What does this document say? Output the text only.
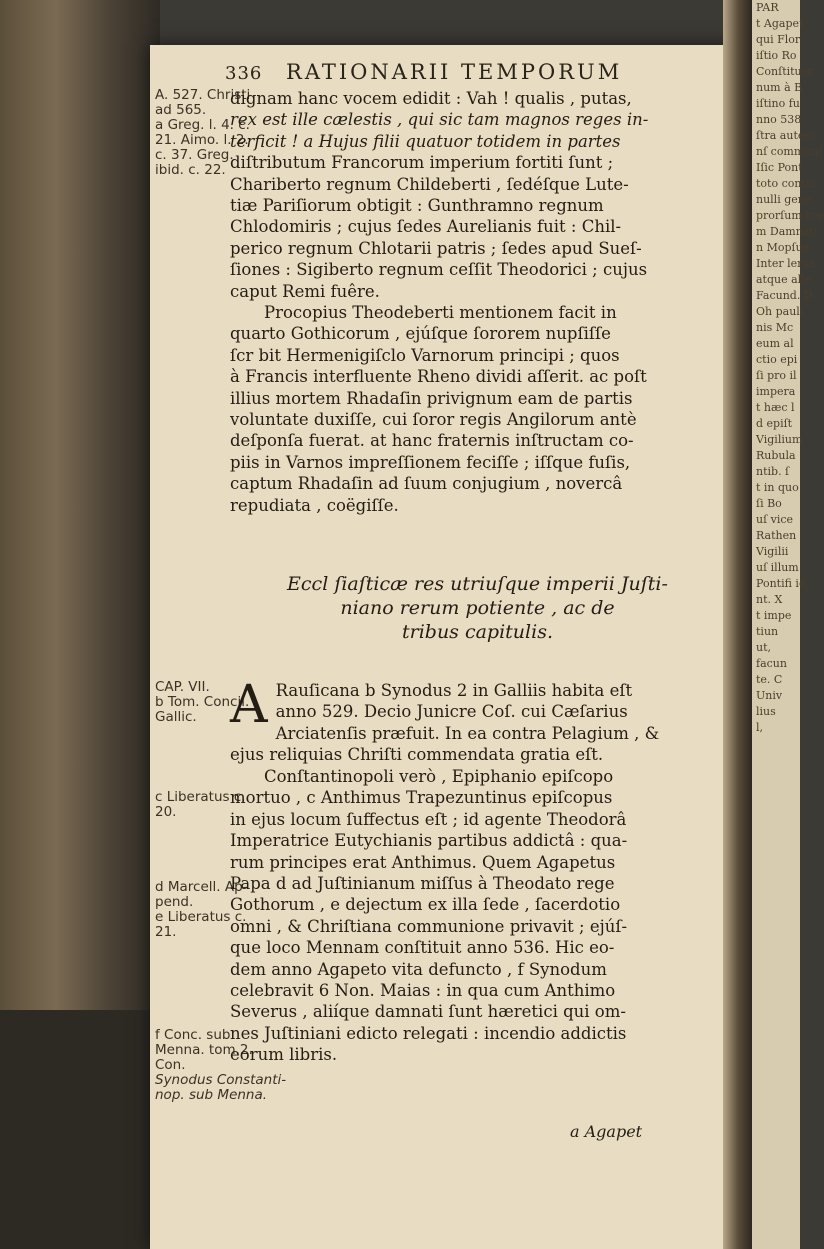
PAR
t Agapet
qui Flor
iſtio Ro
Conſtituer
num à B
iſtino fu
nno 538.
ſtra autem
nſ communi
Iſic Pont
toto contra
nulli gene
prorſum bre
m Damnati
n Mopſue
Inter lerun
atque alle
Facund. D
Oh pauli
nis Mc
eum al
ctio epi
ſi pro il
impera
t hæc l
d epiſt
Vigilium
Rubula
ntib. ſ
t in quo
ſi Bo
uſ vice
Rathen
Vigilii
uſ illum
Pontifi id
nt. X
t impe
tiun
ut,
facun
te. C
Univ
lius
l,
336 RATIONARII TEMPORUM
A. 527. Christi
ad 565.
a Greg. l. 4. c.
21. Aimo. l. 2.
c. 37. Greg.
ibid. c. 22.
CAP. VII.
b Tom. Concil.
Gallic.
c Liberatus c.
20.
d Marcell. Ap-
pend.
e Liberatus c.
21.
f Conc. sub
Menna. tom.2.
Con.
Synodus Constanti-
nop. sub Menna.

dignam hanc vocem edidit : Vah ! qualis , putas,

rex est ille cælestis , qui sic tam magnos reges in-

terficit ! a Hujus filii quatuor totidem in partes

diſtributum Francorum imperium fortiti ſunt ;

Chariberto regnum Childeberti , ſedéſque Lute-

tiæ Pariſiorum obtigit : Gunthramno regnum

Chlodomiris ; cujus ſedes Aurelianis fuit : Chil-

perico regnum Chlotarii patris ; ſedes apud Sueſ-

ſiones : Sigiberto regnum ceſſit Theodorici ; cujus

caput Remi fuêre.

Procopius Theodeberti mentionem facit in

quarto Gothicorum , ejúſque ſororem nupſiſſe

ſcr bit Hermenigiſclo Varnorum principi ; quos

à Francis interfluente Rheno dividi aſſerit. ac poſt

illius mortem Rhadaſin privignum eam de partis

voluntate duxiſſe, cui ſoror regis Angilorum antè

deſponſa fuerat. at hanc fraternis inſtructam co-

piis in Varnos impreſſionem feciſſe ; iſſque fuſis,

captum Rhadaſin ad ſuum conjugium , novercâ

repudiata , coëgiſſe.

Eccl ſiaſticæ res utriuſque imperii Juſti-
niano rerum potiente , ac de
tribus capitulis.
A Rauſicana b Synodus 2 in Galliis habita eſt

anno 529. Decio Junicre Coſ. cui Cæſarius

Arciatenſis præfuit. In ea contra Pelagium , &

ejus reliquias Chriſti commendata gratia eſt.

Conſtantinopoli verò , Epiphanio epiſcopo

mortuo , c Anthimus Trapezuntinus epiſcopus

in ejus locum ſuffectus eſt ; id agente Theodorâ

Imperatrice Eutychianis partibus addictâ : qua-

rum principes erat Anthimus. Quem Agapetus

Papa d ad Juſtinianum miſſus à Theodato rege

Gothorum , e dejectum ex illa ſede , ſacerdotio

omni , & Chriſtiana communione privavit ; ejúſ-

que loco Mennam conſtituit anno 536. Hic eo-

dem anno Agapeto vita defuncto , f Synodum

celebravit 6 Non. Maias : in qua cum Anthimo

Severus , aliíque damnati ſunt hæretici qui om-

nes Juſtiniani edicto relegati : incendio addictis

eorum libris.

a Agapet
